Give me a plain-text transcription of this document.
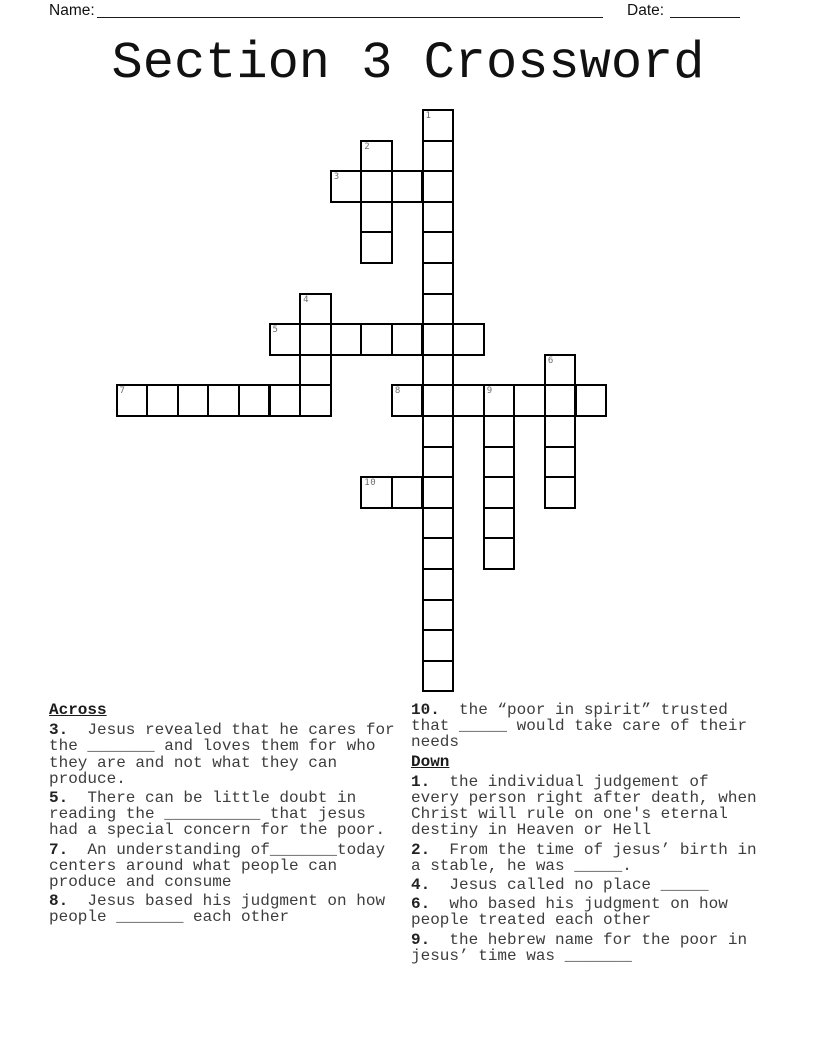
Name:	Date:
Section 3 Crossword
1
2
3
4
5
6
7	8	9
10

Across

3. Jesus revealed that he cares for the _______ and loves them for who they are and not what they can produce.

5. There can be little doubt in reading the __________ that jesus had a special concern for the poor.

7. An understanding of_______today centers around what people can produce and consume

8. Jesus based his judgment on how people _______ each other

10. the “poor in spirit” trusted that _____ would take care of their needs

Down

1. the individual judgement of every person right after death, when Christ will rule on one's eternal destiny in Heaven or Hell

2. From the time of jesus’ birth in a stable, he was _____.

4. Jesus called no place _____

6. who based his judgment on how people treated each other

9. the hebrew name for the poor in jesus’ time was _______
